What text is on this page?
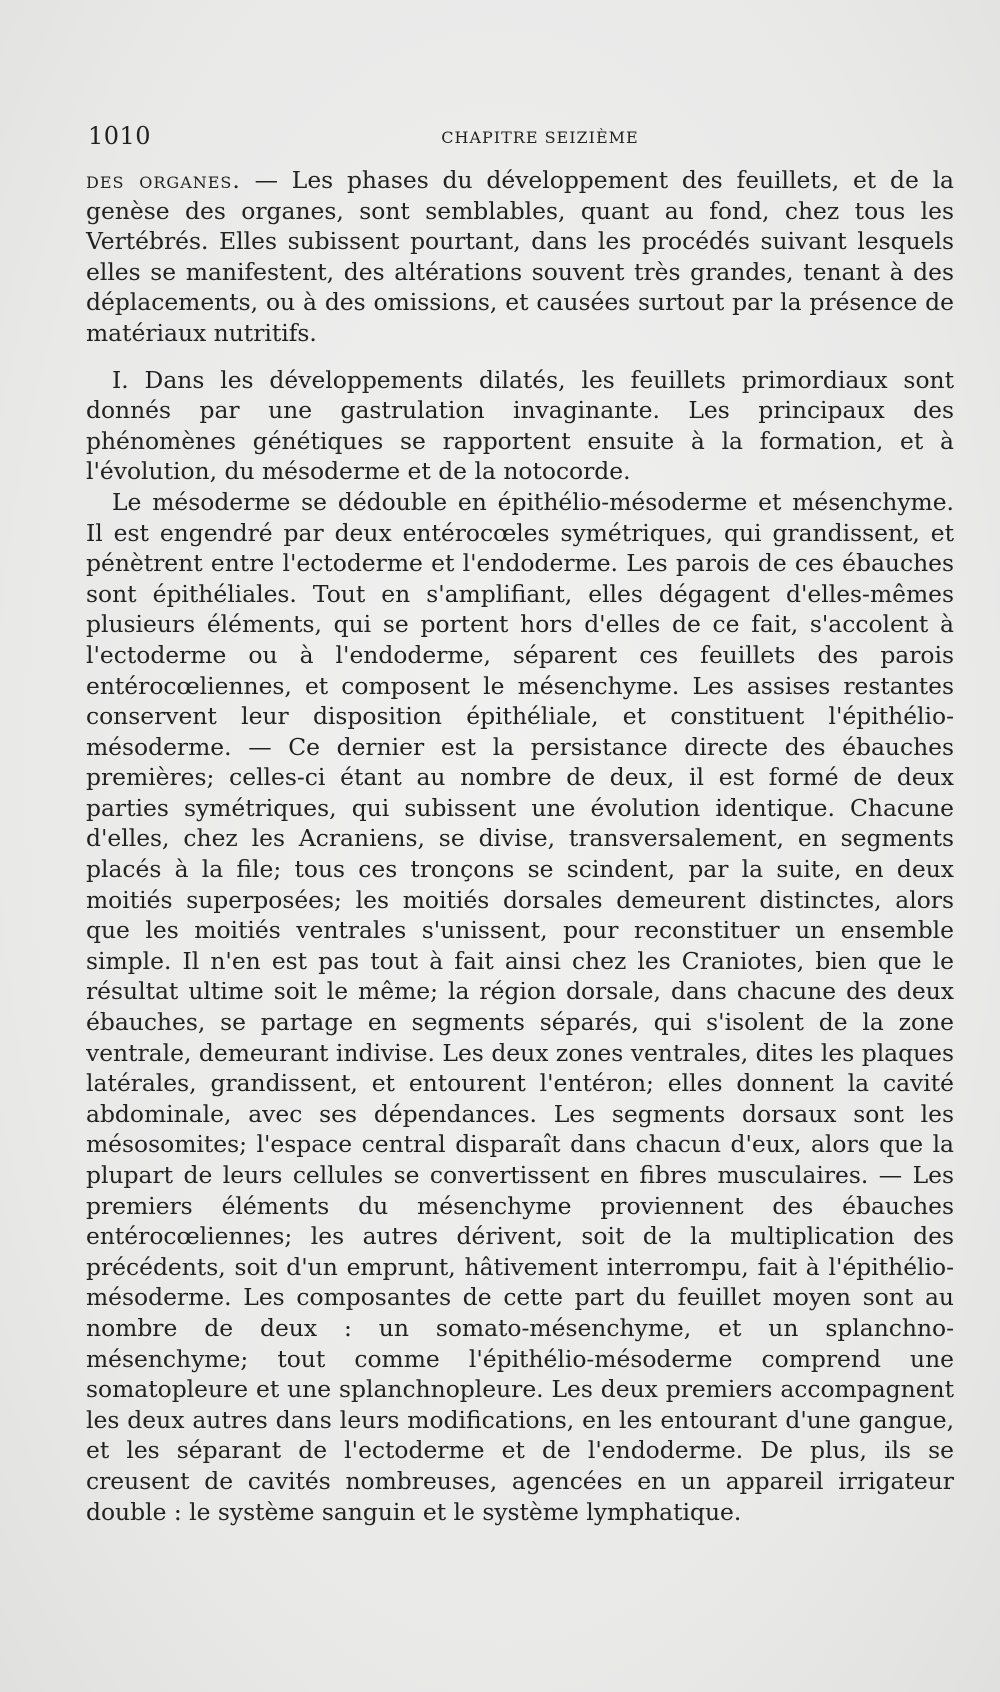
1010	CHAPITRE SEIZIÈME

des organes. — Les phases du développement des feuillets, et de la genèse des organes, sont semblables, quant au fond, chez tous les Vertébrés. Elles subissent pourtant, dans les procédés suivant lesquels elles se manifestent, des altérations souvent très grandes, tenant à des déplacements, ou à des omissions, et causées surtout par la présence de matériaux nutritifs.

I. Dans les développements dilatés, les feuillets primordiaux sont donnés par une gastrulation invaginante. Les principaux des phénomènes génétiques se rapportent ensuite à la formation, et à l'évolution, du mésoderme et de la notocorde.

Le mésoderme se dédouble en épithélio-mésoderme et mésenchyme. Il est engendré par deux entérocœles symétriques, qui grandissent, et pénètrent entre l'ectoderme et l'endoderme. Les parois de ces ébauches sont épithéliales. Tout en s'amplifiant, elles dégagent d'elles-mêmes plusieurs éléments, qui se portent hors d'elles de ce fait, s'accolent à l'ectoderme ou à l'endoderme, séparent ces feuillets des parois entérocœliennes, et composent le mésenchyme. Les assises restantes conservent leur disposition épithéliale, et constituent l'épithélio-mésoderme. — Ce dernier est la persistance directe des ébauches premières; celles-ci étant au nombre de deux, il est formé de deux parties symétriques, qui subissent une évolution identique. Chacune d'elles, chez les Acraniens, se divise, transversalement, en segments placés à la file; tous ces tronçons se scindent, par la suite, en deux moitiés superposées; les moitiés dorsales demeurent distinctes, alors que les moitiés ventrales s'unissent, pour reconstituer un ensemble simple. Il n'en est pas tout à fait ainsi chez les Craniotes, bien que le résultat ultime soit le même; la région dorsale, dans chacune des deux ébauches, se partage en segments séparés, qui s'isolent de la zone ventrale, demeurant indivise. Les deux zones ventrales, dites les plaques latérales, grandissent, et entourent l'entéron; elles donnent la cavité abdominale, avec ses dépendances. Les segments dorsaux sont les mésosomites; l'espace central disparaît dans chacun d'eux, alors que la plupart de leurs cellules se convertissent en fibres musculaires. — Les premiers éléments du mésenchyme proviennent des ébauches entérocœliennes; les autres dérivent, soit de la multiplication des précédents, soit d'un emprunt, hâtivement interrompu, fait à l'épithélio-mésoderme. Les composantes de cette part du feuillet moyen sont au nombre de deux : un somato-mésenchyme, et un splanchno-mésenchyme; tout comme l'épithélio-mésoderme comprend une somatopleure et une splanchnopleure. Les deux premiers accompagnent les deux autres dans leurs modifications, en les entourant d'une gangue, et les séparant de l'ectoderme et de l'endoderme. De plus, ils se creusent de cavités nombreuses, agencées en un appareil irrigateur double : le système sanguin et le système lymphatique.
